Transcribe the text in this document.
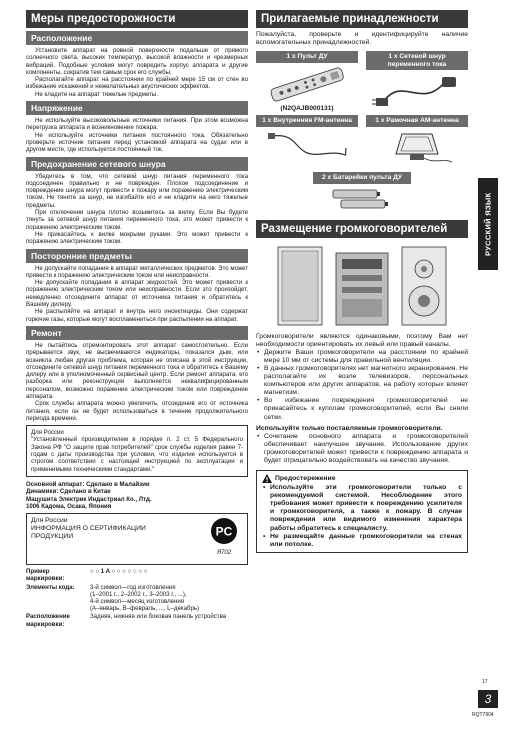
Меры предосторожности
Расположение

Установите аппарат на ровной поверхности подальше от прямого солнечного света, высоких температур, высокой влажности и чрезмерных вибраций. Подобные условия могут повредить корпус аппарата и другие компоненты, сократив тем самым срок его службы.

Располагайте аппарат на расстоянии по крайней мере 15 см от стен во избежание искажений и нежелательных акустических эффектов.

Не кладите на аппарат тяжелые предметы.

Напряжение

Не используйте высоковольтные источники питания. При этом возможна перегрузка аппарата и возникновение пожара.

Не используйте источники питания постоянного тока. Обязательно проверьте источник питания перед установкой аппарата на судах или в другом месте, где используется постоянный ток.

Предохранение сетевого шнура

Убедитесь в том, что сетевой шнур питания переменного тока подсоединен правильно и не поврежден. Плохое подсоединение и повреждение шнура могут привести к пожару или поражению электрическим током. Не тяните за шнур, не изгибайте его и не кладите на него тяжелые предметы.

При отключении шнура плотно возьмитесь за вилку. Если Вы будете тянуть за сетевой шнур питания переменного тока, это может привести к поражению электрическим током.

Не прикасайтесь к вилке мокрыми руками. Это может привести к поражению электрическим током.

Посторонние предметы

Не допускайте попадания в аппарат металлических предметов. Это может привести к поражению электрическим током или неисправности.

Не допускайте попадания в аппарат жидкостей. Это может привести к поражению электрическим током или неисправности. Если это произойдет, немедленно отсоедините аппарат от источника питания и обратитесь к Вашему дилеру.

Не распыляйте на аппарат и внутрь него инсектициды. Они содержат горючие газы, которые могут воспламениться при распылении на аппарат.

Ремонт

Не пытайтесь отремонтировать этот аппарат самостоятельно. Если прерывается звук, не высвечиваются индикаторы, показался дым, или возникла любая другая проблема, которая не описана в этой инструкции, отсоедините сетевой шнур питания переменного тока и обратитесь к Вашему дилеру или в уполномоченный сервисный центр. Если ремонт аппарата, его разборка или реконструкция выполняется неквалифицированным персоналом, возможно поражение электрическим током или повреждение аппарата.

Срок службы аппарата можно увеличить, отсоединив его от источника питания, если он не будет использоваться в течение продолжительного периода времени.

Для России

"Установленный производителем в порядке п. 2 ст. 5 Федерального Закона РФ "О защите прав потребителей" срок службы изделия равен 7-годам с даты производства при условии, что изделие используется в строгом соответствии с настоящей инструкцией по эксплуатации и применимыми техническими стандартами."

Основной аппарат: Сделано в Малайзии

Динамики: Сделано в Китае

Мацушита Электрик Индастриал Ко., Лтд.

1006 Кадома, Осака, Япония

Для России

ИНФОРМАЦИЯ О СЕРТИФИКАЦИИ

ПРОДУКЦИИ	PC
Я702
Пример маркировки:	○ ○ 1 A ○ ○ ○ ○ ○ ○ ○
Элементы кода:	3-й символ—год изготовления
(1–2001 г., 2–2002 г., 3–2003 г., ...),
4-й символ—месяц изготовления
(A–январь, B–февраль, ..., L–декабрь)

Расположение маркировки:	Задняя, нижняя или боковая панель устройства
Прилагаемые принадлежности

Пожалуйста, проверьте и идентифицируйте наличие вспомогательных принадлежностей.

1 x Пульт ДУ
(N2QAJB000131)
1 x Сетевой шнур переменного тока
1 x Внутренняя FM-антенна	1 x Рамочная AM-антенна
2 x Батарейки пульта ДУ
Размещение громкоговорителей

Громкоговорители являются одинаковыми, поэтому Вам нет необходимости ориентировать их левый или правый каналы.

• Держите Ваши громкоговорители на расстоянии по крайней мере 10 мм от системы для правильной вентиляции.
• В данных громкоговорителях нет магнитного экранирования. Не располагайте их возле телевизоров, персональных компьютеров или других аппаратов, на работу которых влияет магнетизм.
• Во избежание повреждения громкоговорителей не прикасайтесь к куполам громкоговорителей, если Вы сняли сетки.

Используйте только поставляемые громкоговорители.

• Сочетание основного аппарата и громкоговорителей обеспечивает наилучшее звучание. Использование других громкоговорителей может привести к повреждению аппарата и будет отрицательно воздействовать на качество звучания.
Предостережение
• Используйте эти громкоговорители только с рекомендуемой системой. Несоблюдение этого требования может привести к повреждению усилителя и громкоговорителя, а также к пожару. В случае повреждения или видимого изменения характера работы обратитесь к специалисту.
• Не размещайте данные громкоговорители на стенах или потолке.
РУССКИЙ ЯЗЫК
17
3
RQT7904
